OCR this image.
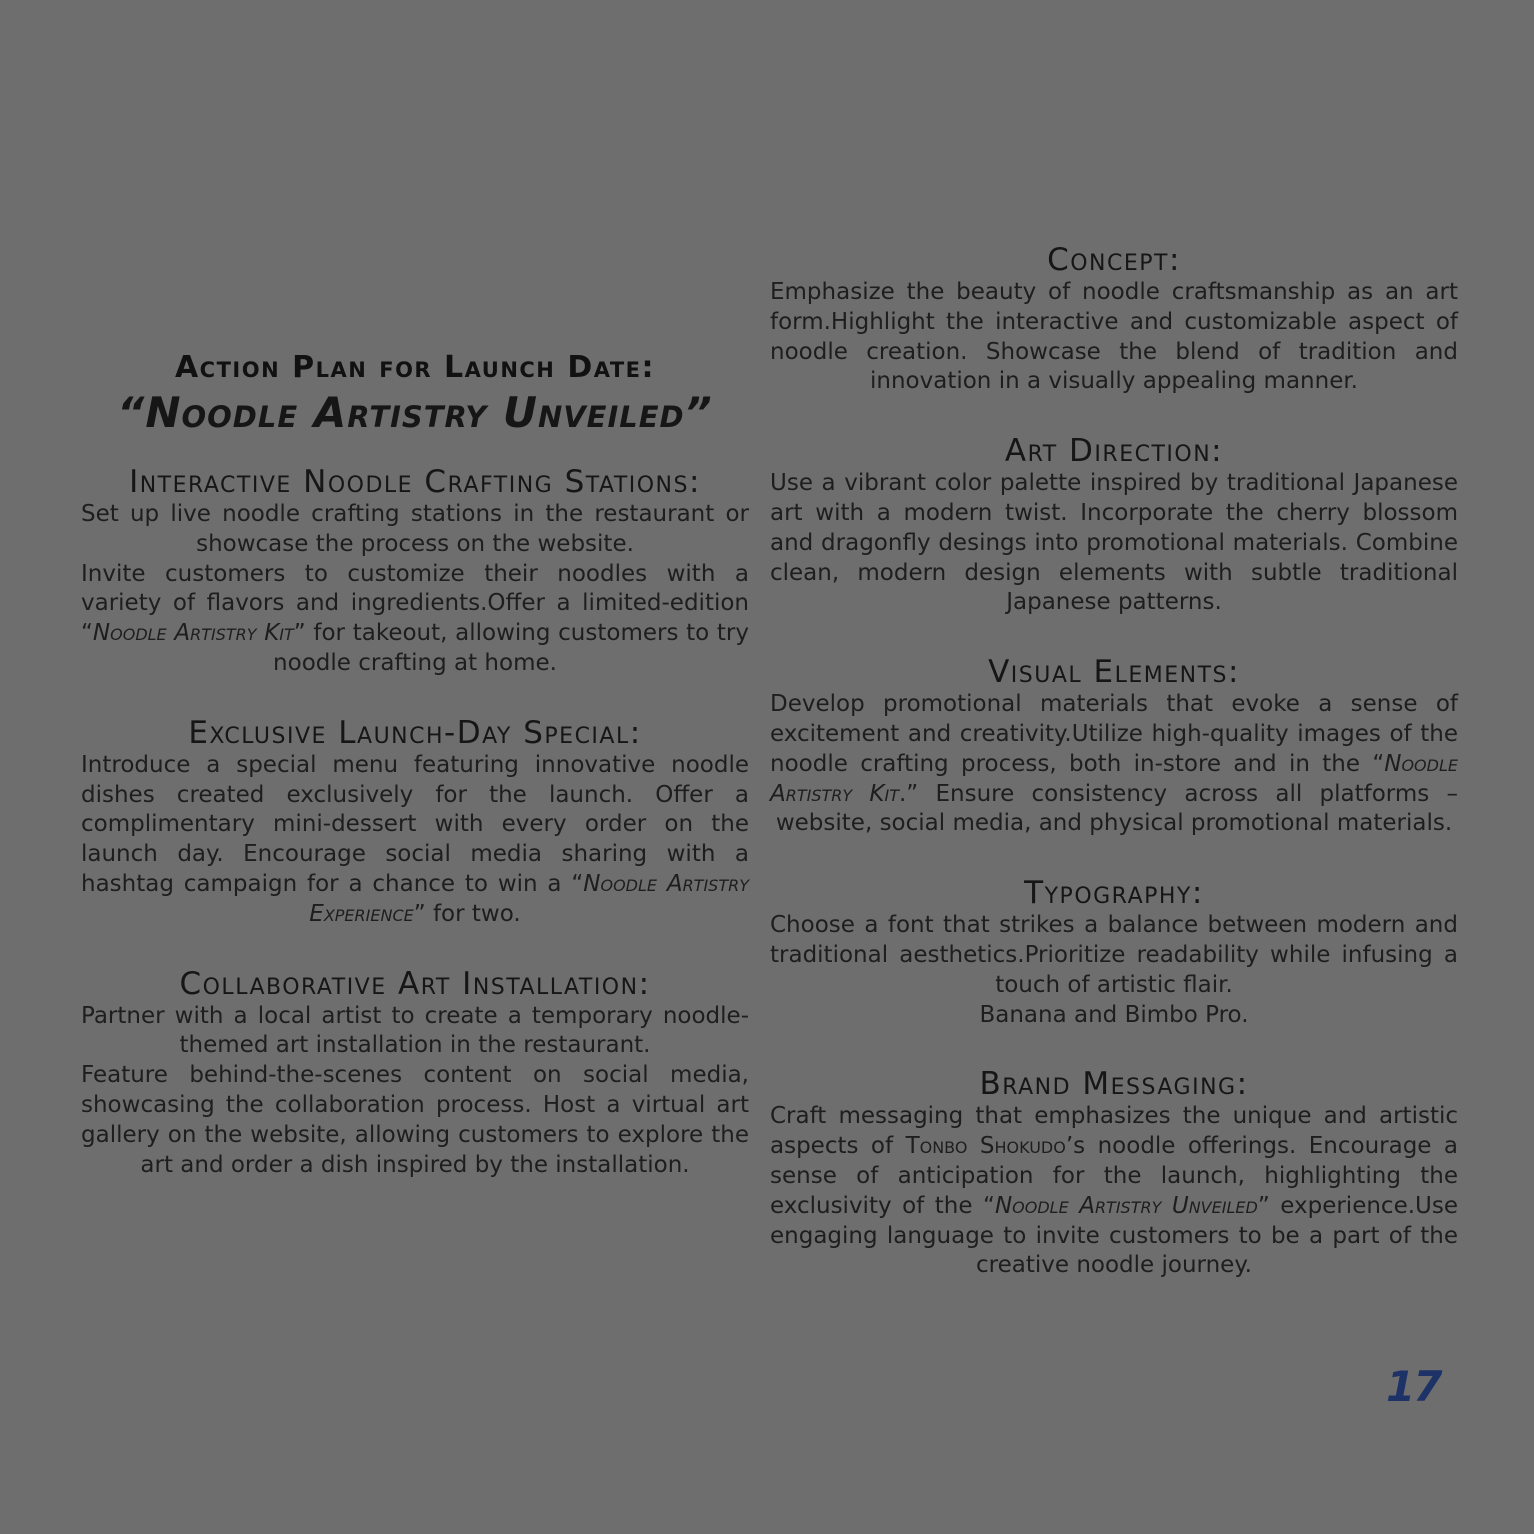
Action Plan for Launch Date:
“Noodle Artistry Unveiled”
Interactive Noodle Crafting Stations:

Set up live noodle crafting stations in the restaurant or showcase the process on the website.

Invite customers to customize their noodles with a variety of flavors and ingredients.Offer a limited-edition “Noodle Artistry Kit” for takeout, allowing customers to try noodle crafting at home.

Exclusive Launch-Day Special:

Introduce a special menu featuring innovative noodle dishes created exclusively for the launch. Offer a complimentary mini-dessert with every order on the launch day. Encourage social media sharing with a hashtag campaign for a chance to win a “Noodle Artistry Experience” for two.

Collaborative Art Installation:

Partner with a local artist to create a temporary noodle-themed art installation in the restaurant.

Feature behind-the-scenes content on social media, showcasing the collaboration process. Host a virtual art gallery on the website, allowing customers to explore the art and order a dish inspired by the installation.

Concept:

Emphasize the beauty of noodle craftsmanship as an art form.Highlight the interactive and customizable aspect of noodle creation. Showcase the blend of tradition and innovation in a visually appealing manner.

Art Direction:

Use a vibrant color palette inspired by traditional Japanese art with a modern twist. Incorporate the cherry blossom and dragonfly desings into promotional materials. Combine clean, modern design elements with subtle traditional Japanese patterns.

Visual Elements:

Develop promotional materials that evoke a sense of excitement and creativity.Utilize high-quality images of the noodle crafting process, both in-store and in the “Noodle Artistry Kit.” Ensure consistency across all platforms – website, social media, and physical promotional materials.

Typography:

Choose a font that strikes a balance between modern and traditional aesthetics.Prioritize readability while infusing a touch of artistic flair.

Banana and Bimbo Pro.

Brand Messaging:

Craft messaging that emphasizes the unique and artistic aspects of Tonbo Shokudo’s noodle offerings. Encourage a sense of anticipation for the launch, highlighting the exclusivity of the “Noodle Artistry Unveiled” experience.Use engaging language to invite customers to be a part of the creative noodle journey.

17
